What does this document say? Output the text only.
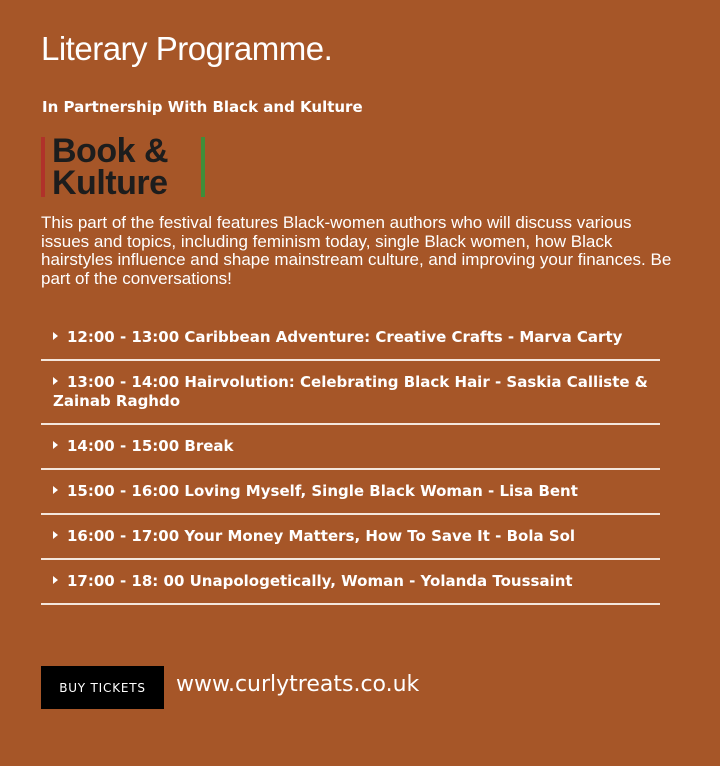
Literary Programme.
In Partnership With Black and Kulture
Book &
Kulture

This part of the festival features Black-women authors who will discuss various issues and topics, including feminism today, single Black women, how Black hairstyles influence and shape mainstream culture, and improving your finances. Be part of the conversations!

12:00 - 13:00 Caribbean Adventure: Creative Crafts - Marva Carty
13:00 - 14:00 Hairvolution: Celebrating Black Hair - Saskia Calliste & Zainab Raghdo
14:00 - 15:00 Break
15:00 - 16:00 Loving Myself, Single Black Woman - Lisa Bent
16:00 - 17:00 Your Money Matters, How To Save It - Bola Sol
17:00 - 18: 00 Unapologetically, Woman - Yolanda Toussaint
BUY TICKETS	www.curlytreats.co.uk
